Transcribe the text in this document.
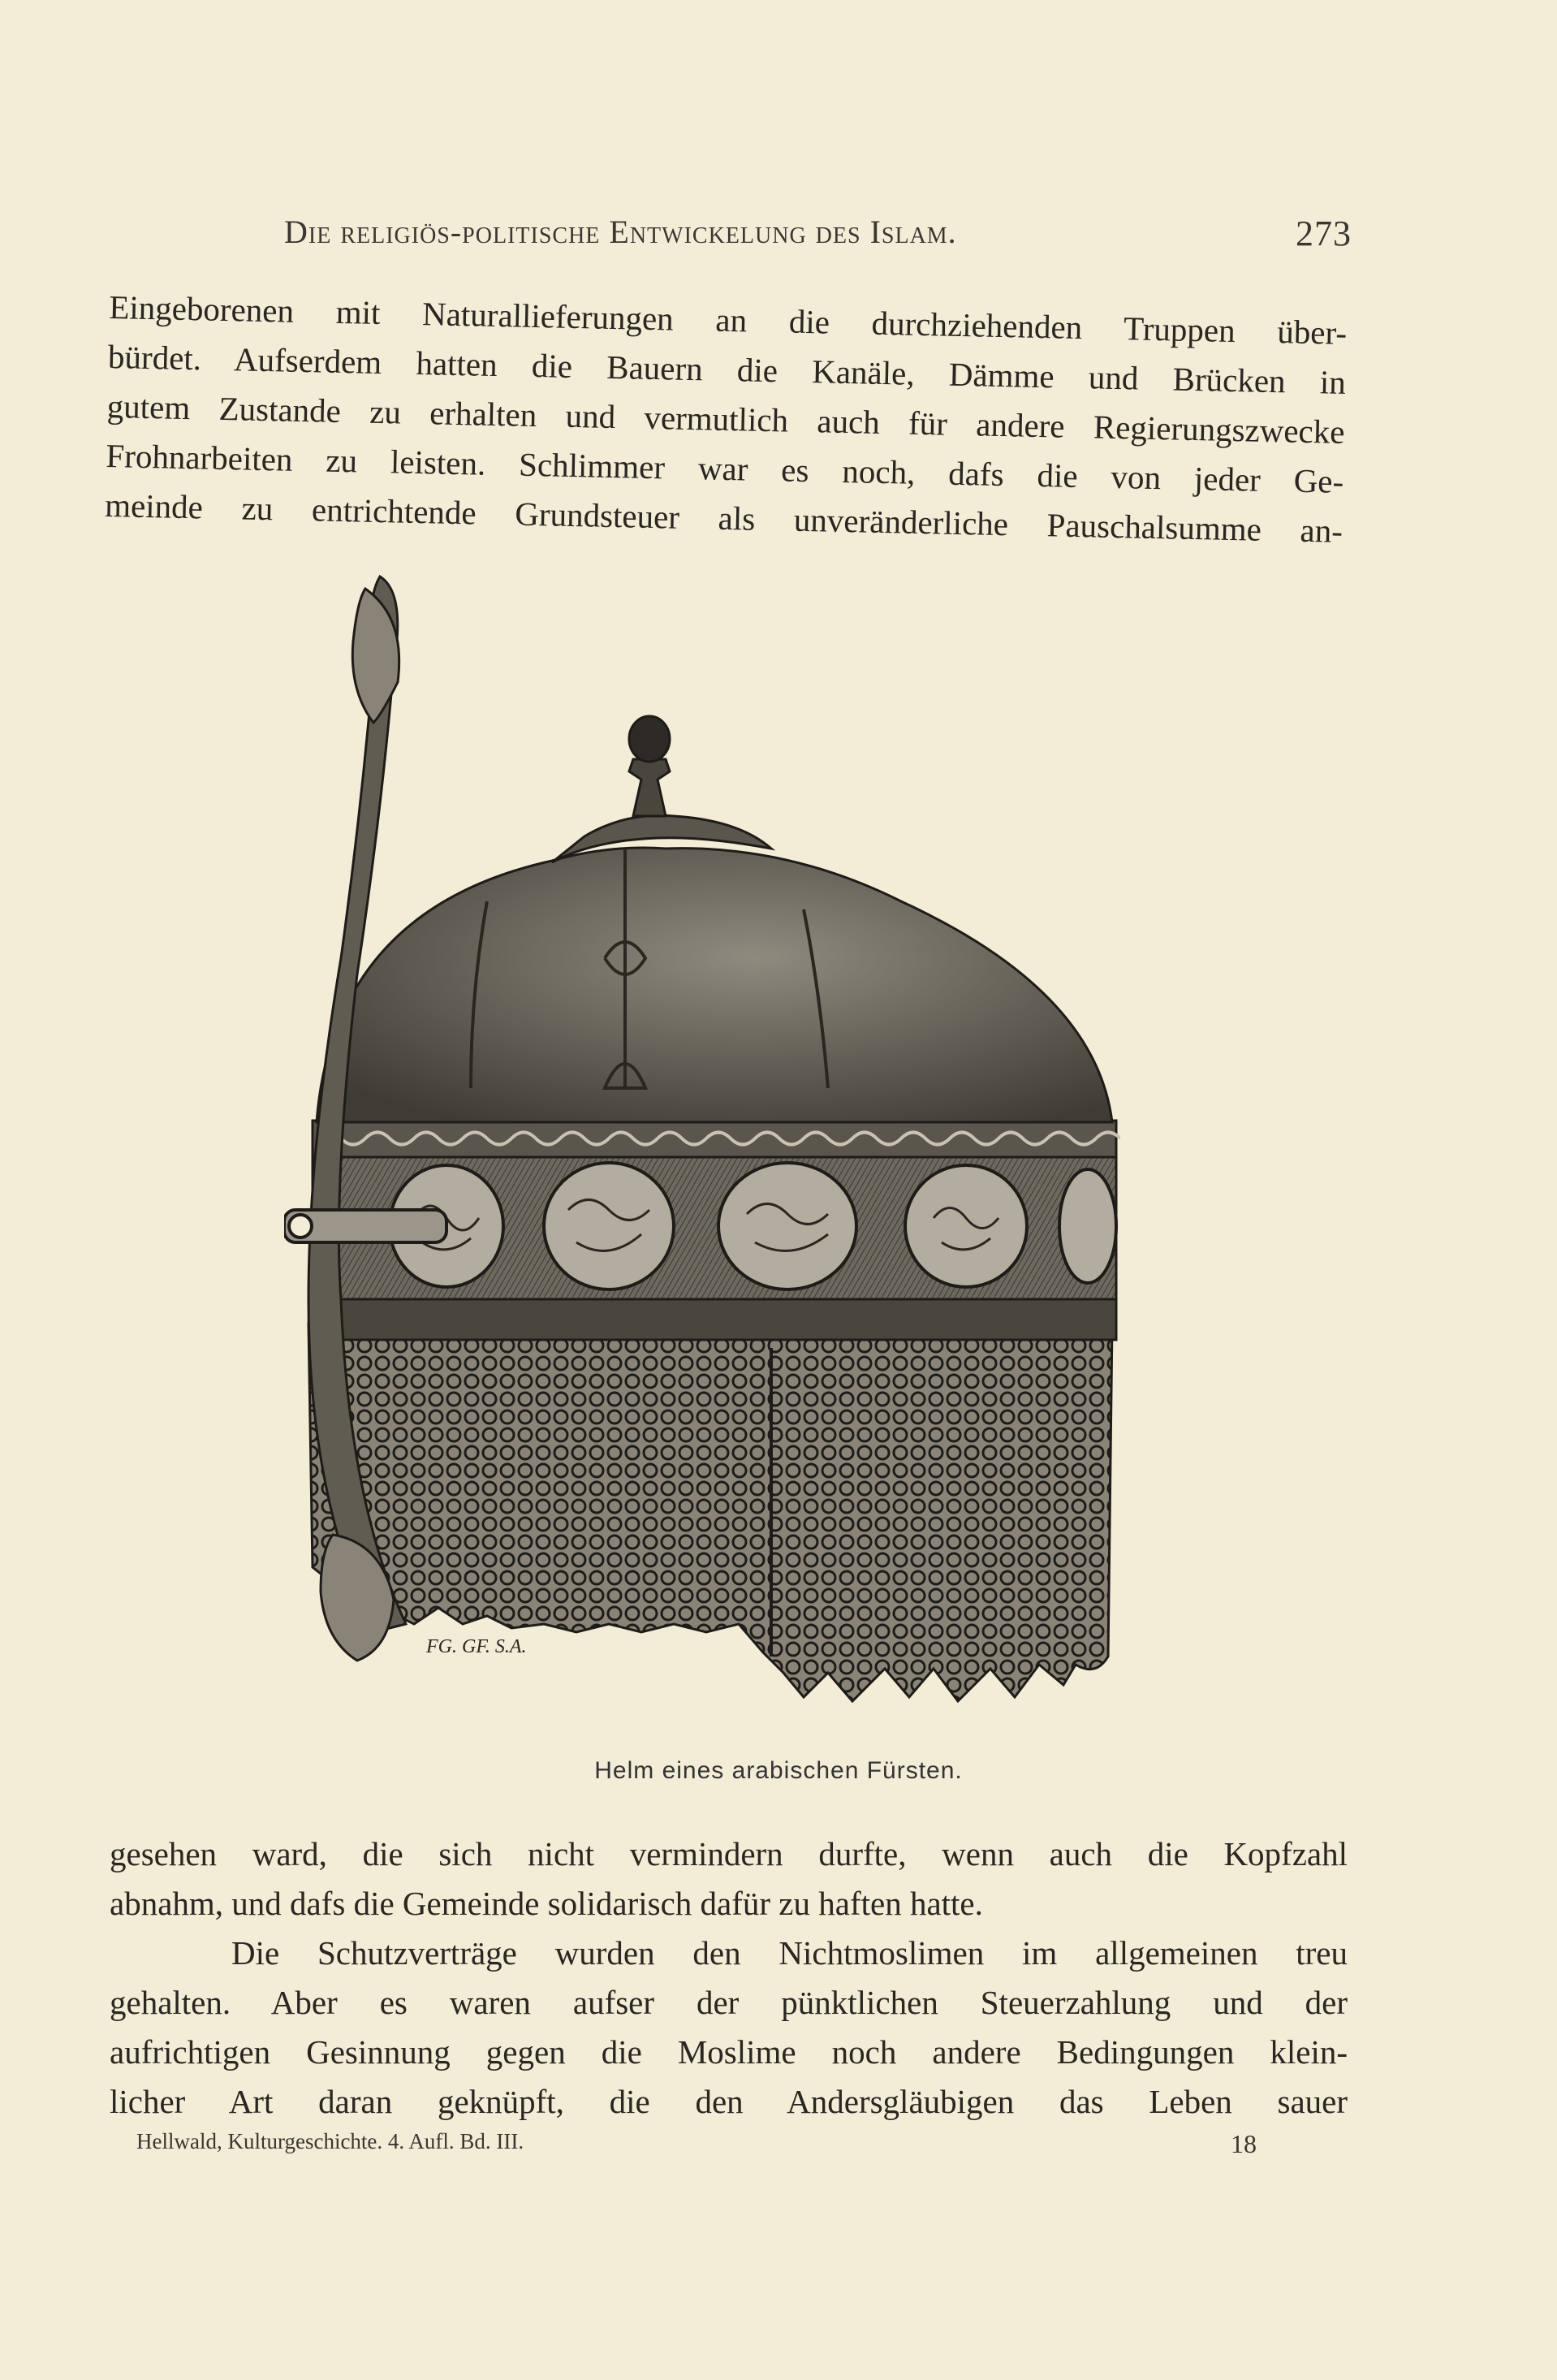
Die religiös-politische Entwickelung des Islam.	273
Eingeborenen mit Naturallieferungen an die durchziehenden Truppen über-
bürdet. Aufserdem hatten die Bauern die Kanäle, Dämme und Brücken in
gutem Zustande zu erhalten und vermutlich auch für andere Regierungszwecke
Frohnarbeiten zu leisten. Schlimmer war es noch, dafs die von jeder Ge-
meinde zu entrichtende Grundsteuer als unveränderliche Pauschalsumme an-
FG. GF. S.A.
Helm eines arabischen Fürsten.
gesehen ward, die sich nicht vermindern durfte, wenn auch die Kopfzahl
abnahm, und dafs die Gemeinde solidarisch dafür zu haften hatte.
Die Schutzverträge wurden den Nichtmoslimen im allgemeinen treu
gehalten. Aber es waren aufser der pünktlichen Steuerzahlung und der
aufrichtigen Gesinnung gegen die Moslime noch andere Bedingungen klein-
licher Art daran geknüpft, die den Andersgläubigen das Leben sauer
Hellwald, Kulturgeschichte. 4. Aufl. Bd. III.	18
